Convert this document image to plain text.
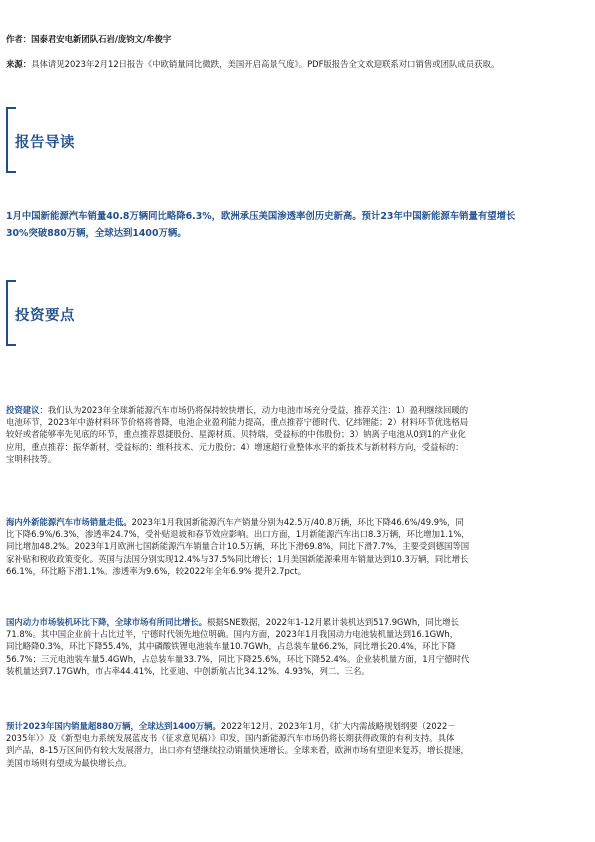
作者：国泰君安电新团队石岩/庞钧文/牟俊宇
来源：具体请见2023年2月12日报告《中欧销量同比微跌，美国开启高景气度》。PDF版报告全文欢迎联系对口销售或团队成员获取。
报告导读
1月中国新能源汽车销量40.8万辆同比略降6.3%，欧洲承压美国渗透率创历史新高。预计23年中国新能源车销量有望增长
30%突破880万辆，全球达到1400万辆。
投资要点
投资建议：我们认为2023年全球新能源汽车市场仍将保持较快增长，动力电池市场充分受益，推荐关注：1）盈利继续回暖的
电池环节，2023年中游材料环节价格将普降，电池企业盈利能力提高，重点推荐宁德时代、亿纬锂能；2）材料环节优选格局
较好或者能够率先见底的环节，重点推荐恩捷股份、星源材质、贝特瑞，受益标的中伟股份；3）钠离子电池从0到1的产业化
应用，重点推荐：振华新材，受益标的：维科技术、元力股份；4）增速超行业整体水平的新技术与新材料方向，受益标的：
宝明科技等。
海内外新能源汽车市场销量走低。2023年1月我国新能源汽车产销量分别为42.5万/40.8万辆，环比下降46.6%/49.9%，同
比下降6.9%/6.3%，渗透率24.7%，受补贴退坡和春节效应影响。出口方面，1月新能源汽车出口8.3万辆，环比增加1.1%，
同比增加48.2%。2023年1月欧洲七国新能源汽车销量合计10.5万辆，环比下滑69.8%，同比下滑7.7%，主要受到德国等国
家补贴和税收政策变化。英国与法国分别实现12.4%与37.5%同比增长；1月美国新能源乘用车销量达到10.3万辆，同比增长
66.1%，环比略下滑1.1%。渗透率为9.6%，较2022年全年6.9% 提升2.7pct。
国内动力市场装机环比下降，全球市场有所同比增长。根据SNE数据，2022年1-12月累计装机达到517.9GWh，同比增长
71.8%。其中国企业前十占比过半，宁德时代领先地位明确。国内方面，2023年1月我国动力电池装机量达到16.1GWh，
同比略降0.3%，环比下降55.4%，其中磷酸铁锂电池装车量10.7GWh，占总装车量66.2%，同比增长20.4%，环比下降
56.7%；三元电池装车量5.4GWh，占总装车量33.7%，同比下降25.6%，环比下降52.4%。企业装机量方面，1月宁德时代
装机量达到7.17GWh，市占率44.41%，比亚迪、中创新航占比34.12%、4.93%，列二、三名。
预计2023年国内销量超880万辆，全球达到1400万辆。2022年12月、2023年1月，《扩大内需战略规划纲要（2022－
2035年）》及《新型电力系统发展蓝皮书（征求意见稿）》印发，国内新能源汽车市场仍将长期获得政策的有利支持。具体
到产品，8-15万区间仍有较大发展潜力，出口亦有望继续拉动销量快速增长。全球来看，欧洲市场有望迎来复苏，增长提速，
美国市场则有望成为最快增长点。
